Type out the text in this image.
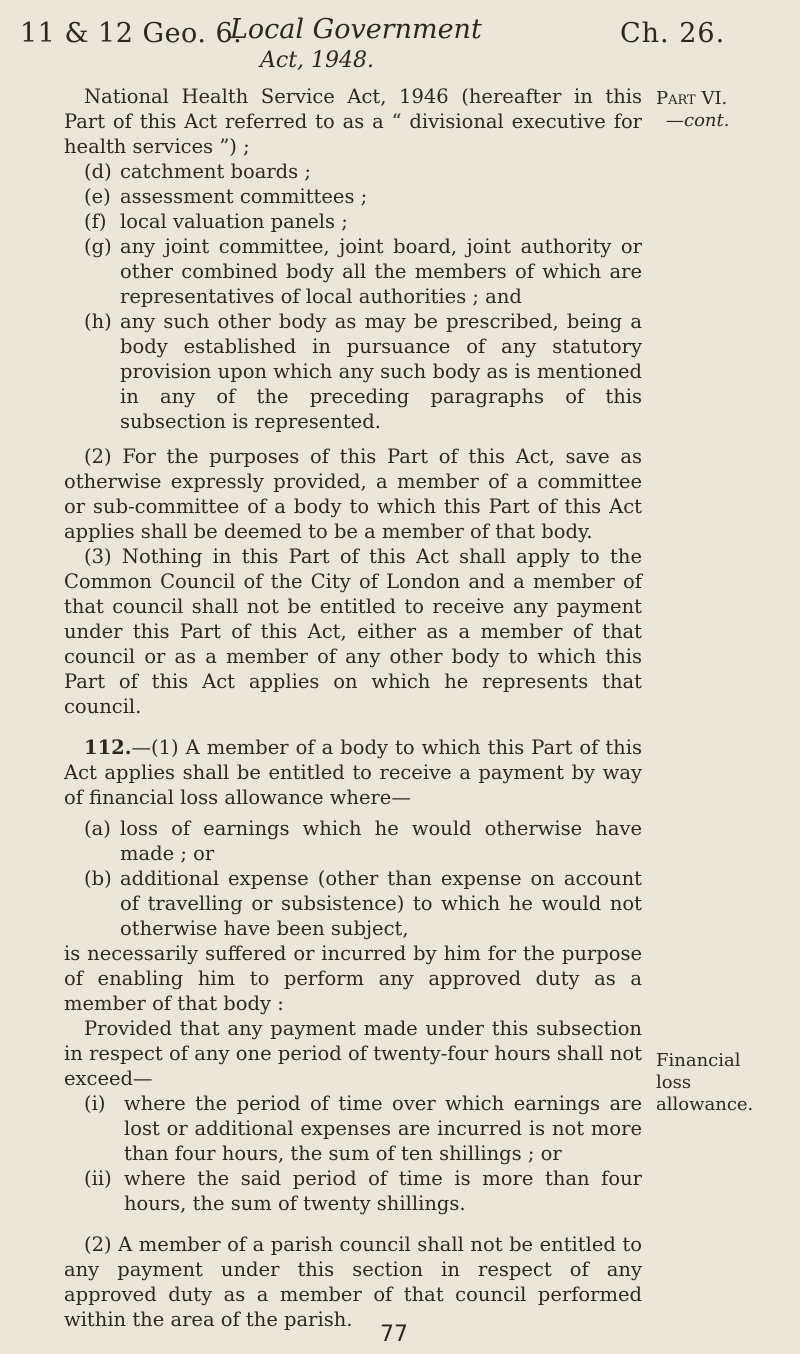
11 & 12 Geo. 6.
Local Government
Act, 1948.
Ch. 26.
Part VI.
—cont.
Financial
loss
allowance.

National Health Service Act, 1946 (hereafter in this Part of this Act referred to as a “ divisional executive for health services ”) ;

(d) catchment boards ;

(e) assessment committees ;

(f) local valuation panels ;

(g) any joint committee, joint board, joint authority or other combined body all the members of which are representatives of local authorities ; and

(h) any such other body as may be prescribed, being a body established in pursuance of any statutory provision upon which any such body as is mentioned in any of the preceding paragraphs of this subsection is represented.

(2) For the purposes of this Part of this Act, save as otherwise expressly provided, a member of a committee or sub-committee of a body to which this Part of this Act applies shall be deemed to be a member of that body.

(3) Nothing in this Part of this Act shall apply to the Common Council of the City of London and a member of that council shall not be entitled to receive any payment under this Part of this Act, either as a member of that council or as a member of any other body to which this Part of this Act applies on which he represents that council.

112.—(1) A member of a body to which this Part of this Act applies shall be entitled to receive a payment by way of financial loss allowance where—

(a) loss of earnings which he would otherwise have made ; or

(b) additional expense (other than expense on account of travelling or subsistence) to which he would not otherwise have been subject,

is necessarily suffered or incurred by him for the purpose of enabling him to perform any approved duty as a member of that body :

Provided that any payment made under this subsection in respect of any one period of twenty-four hours shall not exceed—

(i) where the period of time over which earnings are lost or additional expenses are incurred is not more than four hours, the sum of ten shillings ; or

(ii) where the said period of time is more than four hours, the sum of twenty shillings.

(2) A member of a parish council shall not be entitled to any payment under this section in respect of any approved duty as a member of that council performed within the area of the parish.

77
